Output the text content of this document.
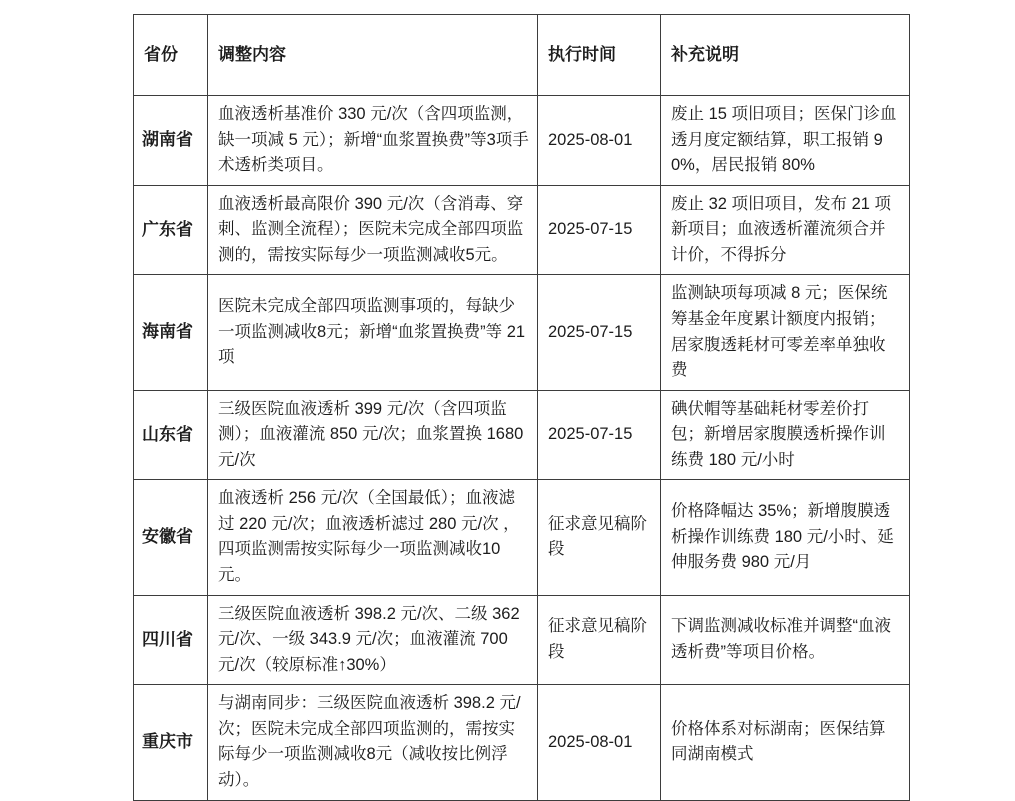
省份	调整内容	执行时间	补充说明
湖南省	血液透析基准价 330 元/次（含四项监测，缺一项减 5 元）；新增“血浆置换费”等3项手术透析类项目。	2025-08-01	废止 15 项旧项目；医保门诊血透月度定额结算，职工报销 90%，居民报销 80%
广东省	血液透析最高限价 390 元/次（含消毒、穿刺、监测全流程）；医院未完成全部四项监测的，需按实际每少一项监测减收5元。	2025-07-15	废止 32 项旧项目，发布 21 项新项目；血液透析灌流须合并计价，不得拆分
海南省	医院未完成全部四项监测事项的，每缺少一项监测减收8元；新增“血浆置换费”等 21 项	2025-07-15	监测缺项每项减 8 元；医保统筹基金年度累计额度内报销；居家腹透耗材可零差率单独收费
山东省	三级医院血液透析 399 元/次（含四项监测）；血液灌流 850 元/次；血浆置换 1680 元/次	2025-07-15	碘伏帽等基础耗材零差价打包；新增居家腹膜透析操作训练费 180 元/小时
安徽省	血液透析 256 元/次（全国最低）；血液滤过 220 元/次；血液透析滤过 280 元/次 ，四项监测需按实际每少一项监测减收10元。	征求意见稿阶段	价格降幅达 35%；新增腹膜透析操作训练费 180 元/小时、延伸服务费 980 元/月
四川省	三级医院血液透析 398.2 元/次、二级 362 元/次、一级 343.9 元/次；血液灌流 700 元/次（较原标准↑30%）	征求意见稿阶段	下调监测减收标准并调整“血液透析费”等项目价格。
重庆市	与湖南同步：三级医院血液透析 398.2 元/次；医院未完成全部四项监测的，需按实际每少一项监测减收8元（减收按比例浮动）。	2025-08-01	价格体系对标湖南；医保结算同湖南模式
